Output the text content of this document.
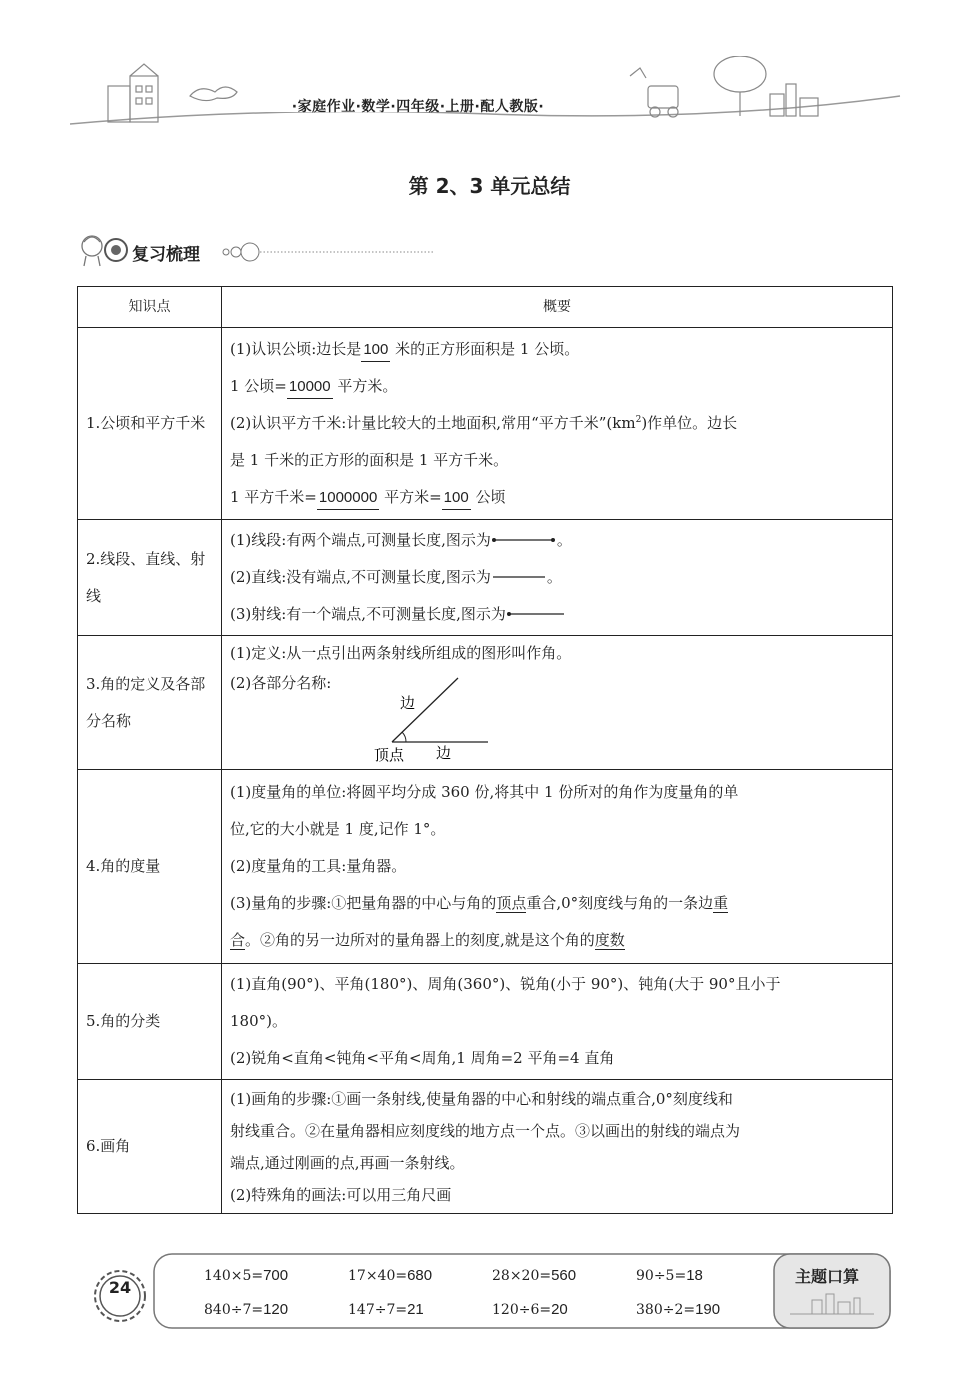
·家庭作业·数学·四年级·上册·配人教版·
第 2、3 单元总结
复习梳理
知识点	概要
1.公顷和平方千米	(1)认识公顷:边长是 100 米的正方形面积是 1 公顷。
1 公顷= 10000 平方米。
(2)认识平方千米:计量比较大的土地面积,常用“平方千米$”(km^2)$作单位。边长
是 1 千米的正方形的面积是 1 平方千米。
1 平方千米= 1000000 平方米= 100 公顷

2.线段、直线、射线	(1)线段:有两个端点,可测量长度,图示为 。
(2)直线:没有端点,不可测量长度,图示为 。
(3)射线:有一个端点,不可测量长度,图示为

3.角的定义及各部分名称	(1)定义:从一点引出两条射线所组成的图形叫作角。
(2)各部分名称:
边
边
顶点

4.角的度量	(1)度量角的单位:将圆平均分成 360 份,将其中 1 份所对的角作为度量角的单
位,它的大小就是 1 度,记作 1°。
(2)度量角的工具:量角器。
(3)量角的步骤:①把量角器的中心与角的顶点重合,0°刻度线与角的一条边重
合。②角的另一边所对的量角器上的刻度,就是这个角的度数

5.角的分类	(1)直角(90°)、平角(180°)、周角(360°)、锐角(小于 90°)、钝角(大于 90°且小于
180°)。
(2)锐角<直角<钝角<平角<周角,1 周角=2 平角=4 直角

6.画角	(1)画角的步骤:①画一条射线,使量角器的中心和射线的端点重合,0°刻度线和
射线重合。②在量角器相应刻度线的地方点一个点。③以画出的射线的端点为
端点,通过刚画的点,再画一条射线。
(2)特殊角的画法:可以用三角尺画
24
主题口算
140×5=700	17×40=680	28×20=560	90÷5=18
840÷7=120	147÷7=21	120÷6=20	380÷2=190
